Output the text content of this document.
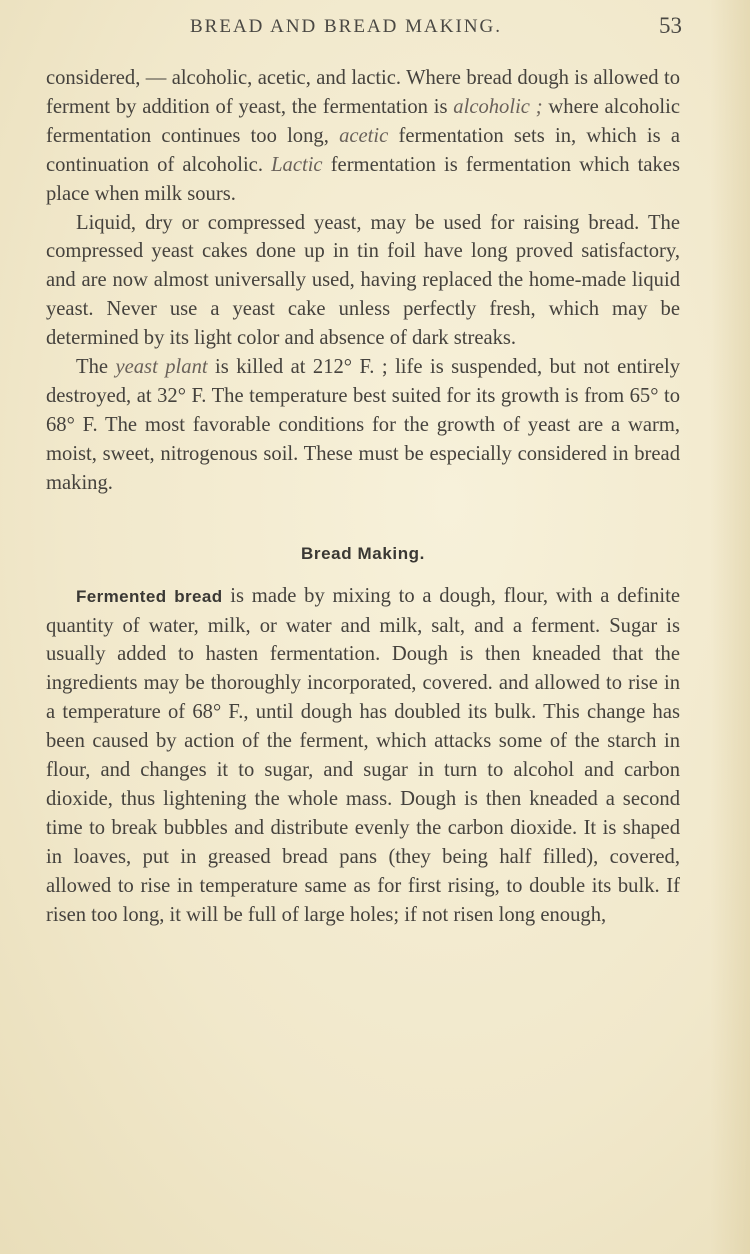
BREAD AND BREAD MAKING.	53

considered, — alcoholic, acetic, and lactic. Where bread dough is allowed to ferment by addition of yeast, the fermentation is alcoholic ; where alcoholic fermentation continues too long, acetic fermentation sets in, which is a continuation of alcoholic. Lactic fermentation is fermentation which takes place when milk sours.

Liquid, dry or compressed yeast, may be used for raising bread. The compressed yeast cakes done up in tin foil have long proved satisfactory, and are now almost universally used, having replaced the home-made liquid yeast. Never use a yeast cake unless perfectly fresh, which may be determined by its light color and absence of dark streaks.

The yeast plant is killed at 212° F. ; life is suspended, but not entirely destroyed, at 32° F. The temperature best suited for its growth is from 65° to 68° F. The most favorable conditions for the growth of yeast are a warm, moist, sweet, nitrogenous soil. These must be especially considered in bread making.

Bread Making.

Fermented bread is made by mixing to a dough, flour, with a definite quantity of water, milk, or water and milk, salt, and a ferment. Sugar is usually added to hasten fermentation. Dough is then kneaded that the ingredients may be thoroughly incorporated, covered. and allowed to rise in a temperature of 68° F., until dough has doubled its bulk. This change has been caused by action of the ferment, which attacks some of the starch in flour, and changes it to sugar, and sugar in turn to alcohol and carbon dioxide, thus lightening the whole mass. Dough is then kneaded a second time to break bubbles and distribute evenly the carbon dioxide. It is shaped in loaves, put in greased bread pans (they being half filled), covered, allowed to rise in temperature same as for first rising, to double its bulk. If risen too long, it will be full of large holes; if not risen long enough,
